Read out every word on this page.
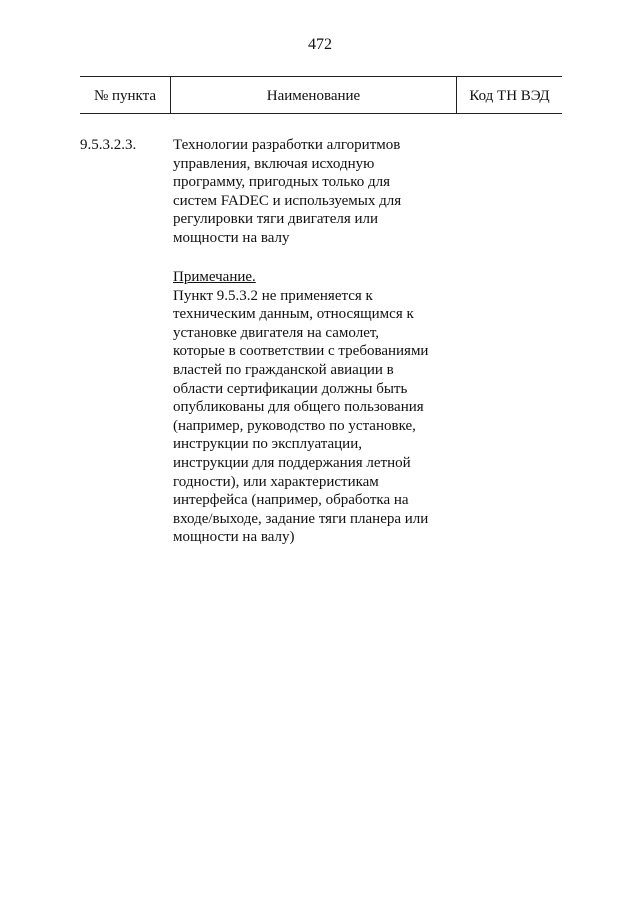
472
№ пункта	Наименование	Код ТН ВЭД
9.5.3.2.3. Технологии разработки алгоритмов
управления, включая исходную
программу, пригодных только для
систем FADEC и используемых для
регулировки тяги двигателя или
мощности на валу
Примечание.
Пункт 9.5.3.2 не применяется к
техническим данным, относящимся к
установке двигателя на самолет,
которые в соответствии с требованиями
властей по гражданской авиации в
области сертификации должны быть
опубликованы для общего пользования
(например, руководство по установке,
инструкции по эксплуатации,
инструкции для поддержания летной
годности), или характеристикам
интерфейса (например, обработка на
входе/выходе, задание тяги планера или
мощности на валу)
